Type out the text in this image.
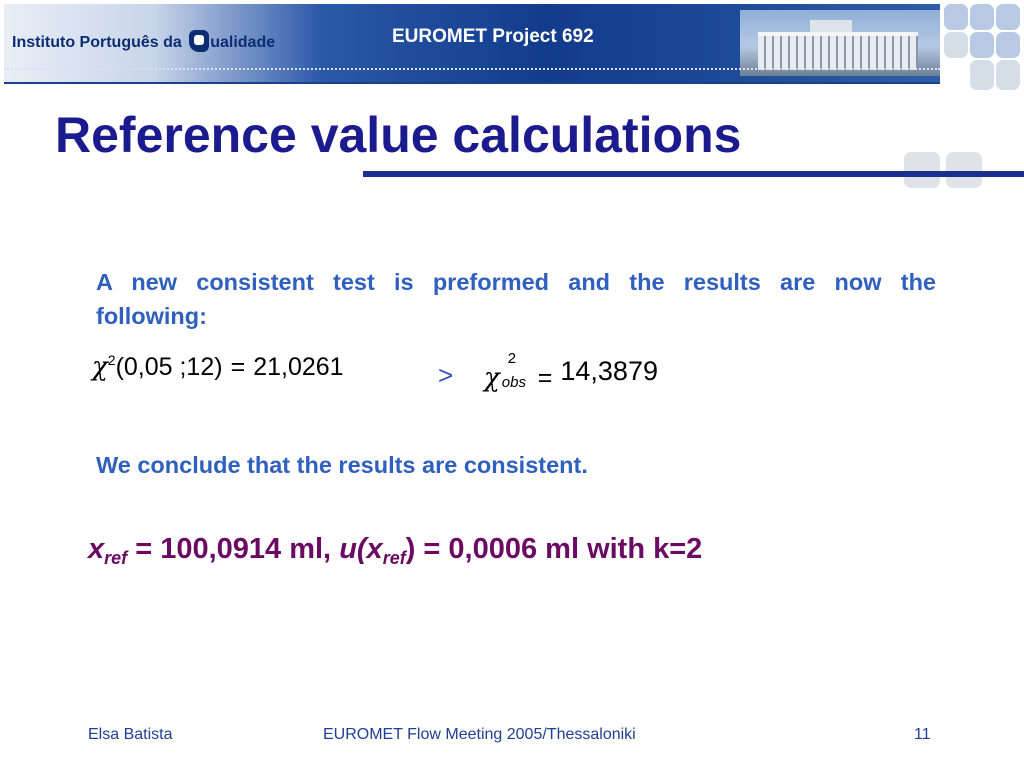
Instituto Português da ualidade	EUROMET Project 692
Reference value calculations

A new consistent test is preformed and the results are now the following:

$\chi^2(0,05$ ;12) = 21,0261	> χ
2
obs = 14,3879

We conclude that the results are consistent.

$x_{ref} = 100,0914$ ml, $u(x_{ref}) = 0,0006$ ml with k=2

Elsa Batista	EUROMET Flow Meeting 2005/Thessaloniki	11
